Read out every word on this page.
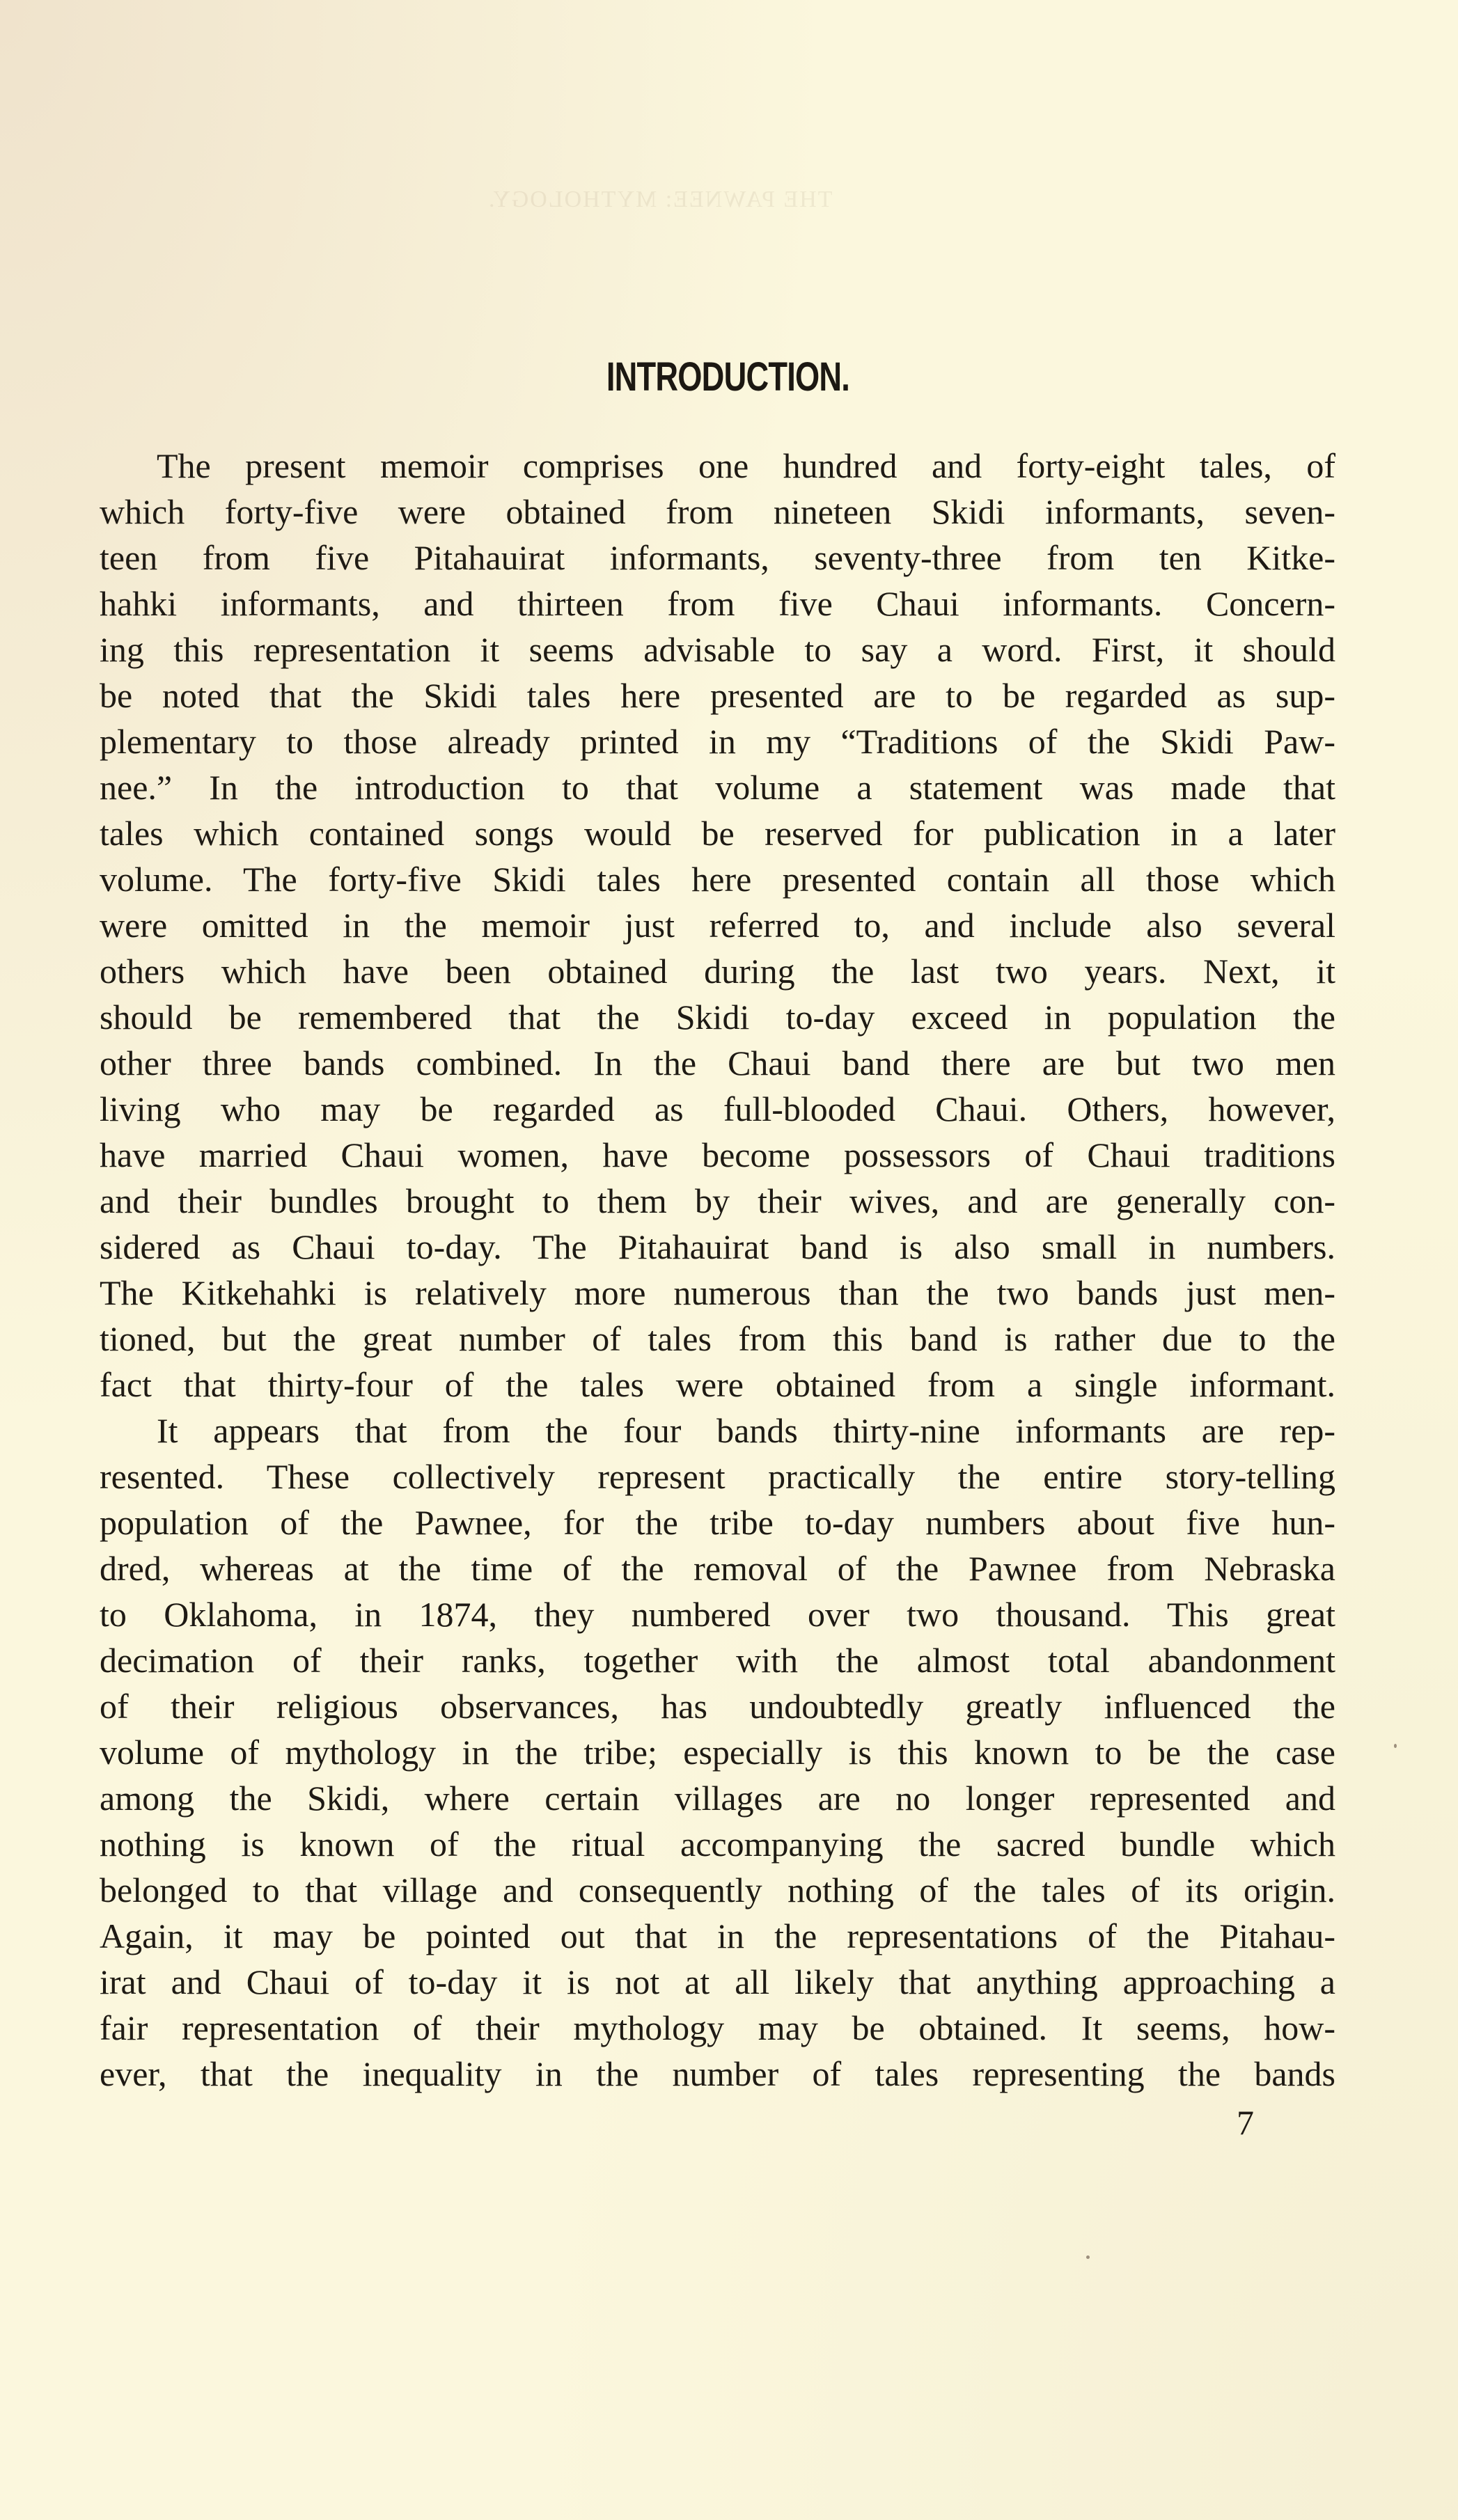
THE PAWNEE: MYTHOLOGY.
INTRODUCTION.
The present memoir comprises one hundred and forty-eight tales, of
which forty-five were obtained from nineteen Skidi informants, seven-
teen from five Pitahauirat informants, seventy-three from ten Kitke-
hahki informants, and thirteen from five Chaui informants. Concern-
ing this representation it seems advisable to say a word. First, it should
be noted that the Skidi tales here presented are to be regarded as sup-
plementary to those already printed in my “Traditions of the Skidi Paw-
nee.” In the introduction to that volume a statement was made that
tales which contained songs would be reserved for publication in a later
volume. The forty-five Skidi tales here presented contain all those which
were omitted in the memoir just referred to, and include also several
others which have been obtained during the last two years. Next, it
should be remembered that the Skidi to-day exceed in population the
other three bands combined. In the Chaui band there are but two men
living who may be regarded as full-blooded Chaui. Others, however,
have married Chaui women, have become possessors of Chaui traditions
and their bundles brought to them by their wives, and are generally con-
sidered as Chaui to-day. The Pitahauirat band is also small in numbers.
The Kitkehahki is relatively more numerous than the two bands just men-
tioned, but the great number of tales from this band is rather due to the
fact that thirty-four of the tales were obtained from a single informant.
It appears that from the four bands thirty-nine informants are rep-
resented. These collectively represent practically the entire story-telling
population of the Pawnee, for the tribe to-day numbers about five hun-
dred, whereas at the time of the removal of the Pawnee from Nebraska
to Oklahoma, in 1874, they numbered over two thousand. This great
decimation of their ranks, together with the almost total abandonment
of their religious observances, has undoubtedly greatly influenced the
volume of mythology in the tribe; especially is this known to be the case
among the Skidi, where certain villages are no longer represented and
nothing is known of the ritual accompanying the sacred bundle which
belonged to that village and consequently nothing of the tales of its origin.
Again, it may be pointed out that in the representations of the Pitahau-
irat and Chaui of to-day it is not at all likely that anything approaching a
fair representation of their mythology may be obtained. It seems, how-
ever, that the inequality in the number of tales representing the bands
7
